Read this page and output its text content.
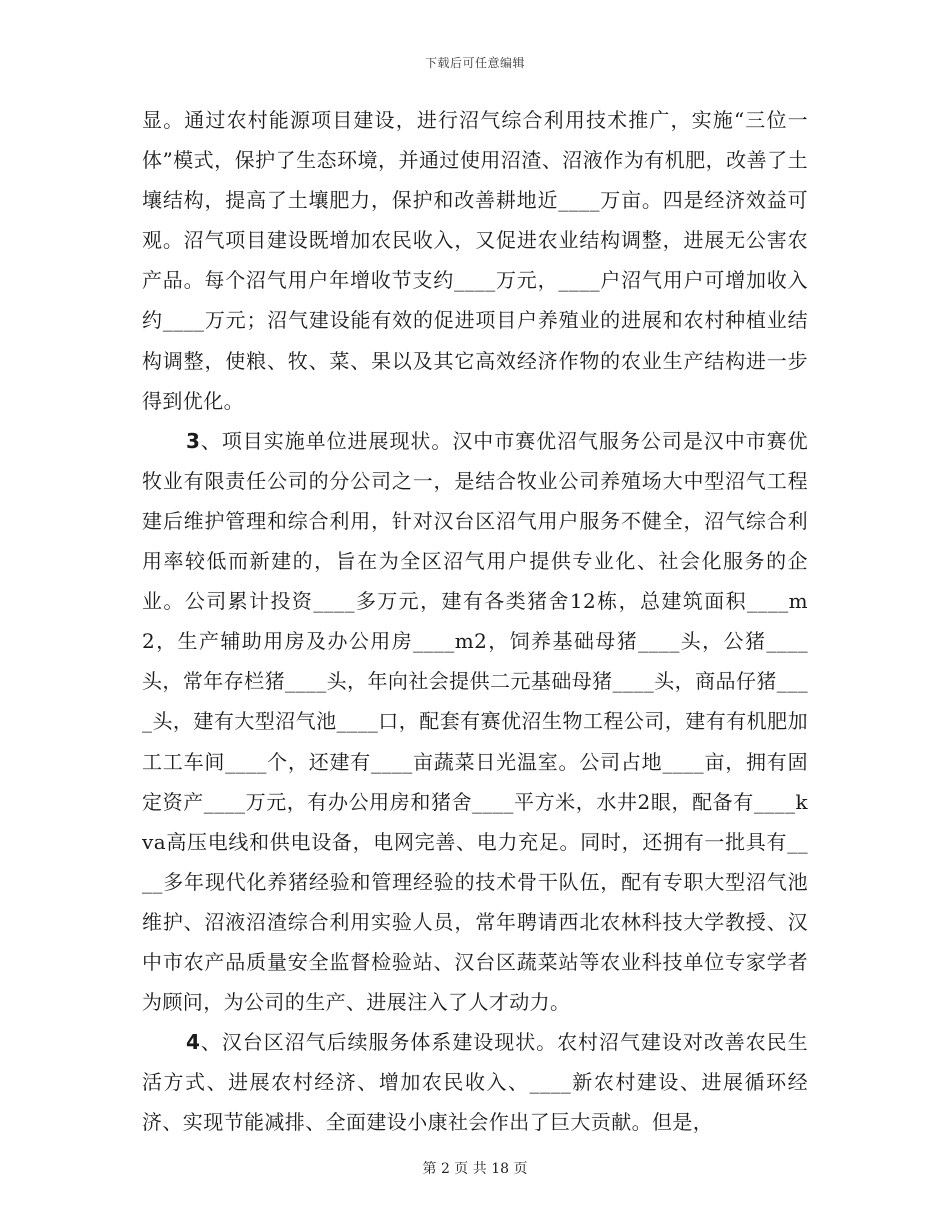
下载后可任意编辑

显。通过农村能源项目建设，进行沼气综合利用技术推广，实施“三位一体”模式，保护了生态环境，并通过使用沼渣、沼液作为有机肥，改善了土壤结构，提高了土壤肥力，保护和改善耕地近____万亩。四是经济效益可观。沼气项目建设既增加农民收入，又促进农业结构调整，进展无公害农产品。每个沼气用户年增收节支约____万元，____户沼气用户可增加收入约____万元；沼气建设能有效的促进项目户养殖业的进展和农村种植业结构调整，使粮、牧、菜、果以及其它高效经济作物的农业生产结构进一步得到优化。

3、项目实施单位进展现状。汉中市赛优沼气服务公司是汉中市赛优牧业有限责任公司的分公司之一，是结合牧业公司养殖场大中型沼气工程建后维护管理和综合利用，针对汉台区沼气用户服务不健全，沼气综合利用率较低而新建的，旨在为全区沼气用户提供专业化、社会化服务的企业。公司累计投资____多万元，建有各类猪舍12栋，总建筑面积____m2，生产辅助用房及办公用房____m2，饲养基础母猪____头，公猪____头，常年存栏猪____头，年向社会提供二元基础母猪____头，商品仔猪____头，建有大型沼气池____口，配套有赛优沼生物工程公司，建有有机肥加工工车间____个，还建有____亩蔬菜日光温室。公司占地____亩，拥有固定资产____万元，有办公用房和猪舍____平方米，水井2眼，配备有____kva高压电线和供电设备，电网完善、电力充足。同时，还拥有一批具有____多年现代化养猪经验和管理经验的技术骨干队伍，配有专职大型沼气池维护、沼液沼渣综合利用实验人员，常年聘请西北农林科技大学教授、汉中市农产品质量安全监督检验站、汉台区蔬菜站等农业科技单位专家学者为顾问，为公司的生产、进展注入了人才动力。

4、汉台区沼气后续服务体系建设现状。农村沼气建设对改善农民生活方式、进展农村经济、增加农民收入、____新农村建设、进展循环经济、实现节能减排、全面建设小康社会作出了巨大贡献。但是，

第 2 页 共 18 页
